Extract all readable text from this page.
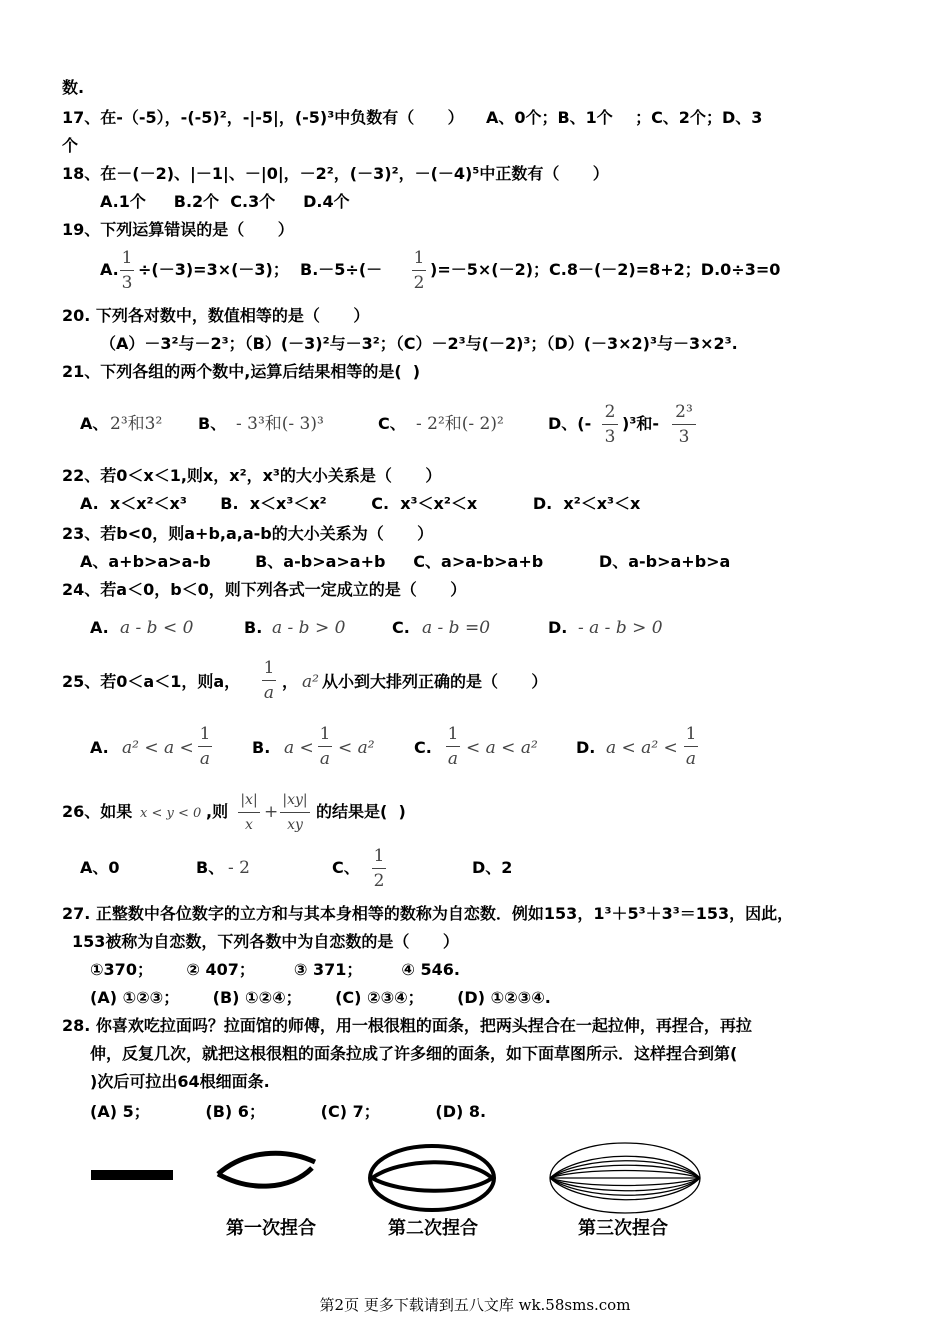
数.
17、在-（-5），-(-5)²，-|-5|，(-5)³中负数有（      ）    A、0个；B、1个    ；C、2个；D、3
个
18、在－(－2)、|－1|、－|0|，－2²，(－3)²，－(－4)⁵中正数有（      ）
A.1个     B.2个  C.3个     D.4个
19、下列运算错误的是（      ）
A.
1
3
÷(－3)=3×(－3)；  B.－5÷(－
1
2
)=－5×(－2)；C.8－(－2)=8+2；D.0÷3=0
20. 下列各对数中，数值相等的是（      ）
（A）－3²与－2³；（B）(－3)²与－3²；（C）－2³与(－2)³；（D）(－3×2)³与－3×2³.
21、下列各组的两个数中,运算后结果相等的是(  )
A、 2³和3² B、 - 3³和(- 3)³	C、 - 2²和(- 2)²	D、(-
2
3
)³和-
2³
3
22、若0＜x＜1,则x，x²，x³的大小关系是（      ）
A.  x＜x²＜x³      B.  x＜x³＜x²        C.  x³＜x²＜x          D.  x²＜x³＜x
23、若b<0，则a+b,a,a-b的大小关系为（      ）
A、a+b>a>a-b        B、a-b>a>a+b     C、a>a-b>a+b          D、a-b>a+b>a
24、若a＜0，b＜0，则下列各式一定成立的是（      ）
A. a - b < 0	B. a - b > 0	C. a - b =0	D. - a - b > 0
25、若0＜a＜1，则a，
1
a
， a² 从小到大排列正确的是（      ）
A. a² < a <
1
a
B. a <
1
a
< a² C.
1
a
< a < a² D. a < a² <
1
a
26、如果 x < y < 0 ,则
|x|
x
+
|xy|
xy
的结果是(  )
A、0	B、 - 2	C、
1
2
D、2
27. 正整数中各位数字的立方和与其本身相等的数称为自恋数．例如153，1³＋5³＋3³＝153，因此，
153被称为自恋数，下列各数中为自恋数的是（      ）
①370；      ② 407；       ③ 371；       ④ 546.
(A) ①②③；      (B) ①②④；      (C) ②③④；      (D) ①②③④.
28. 你喜欢吃拉面吗？拉面馆的师傅，用一根很粗的面条，把两头捏合在一起拉伸，再捏合，再拉
伸，反复几次，就把这根很粗的面条拉成了许多细的面条，如下面草图所示．这样捏合到第(
)次后可拉出64根细面条.
(A) 5；          (B) 6；          (C) 7；          (D) 8.
第一次捏合	第二次捏合	第三次捏合
第2页 更多下载请到五八文库 wk.58sms.com
